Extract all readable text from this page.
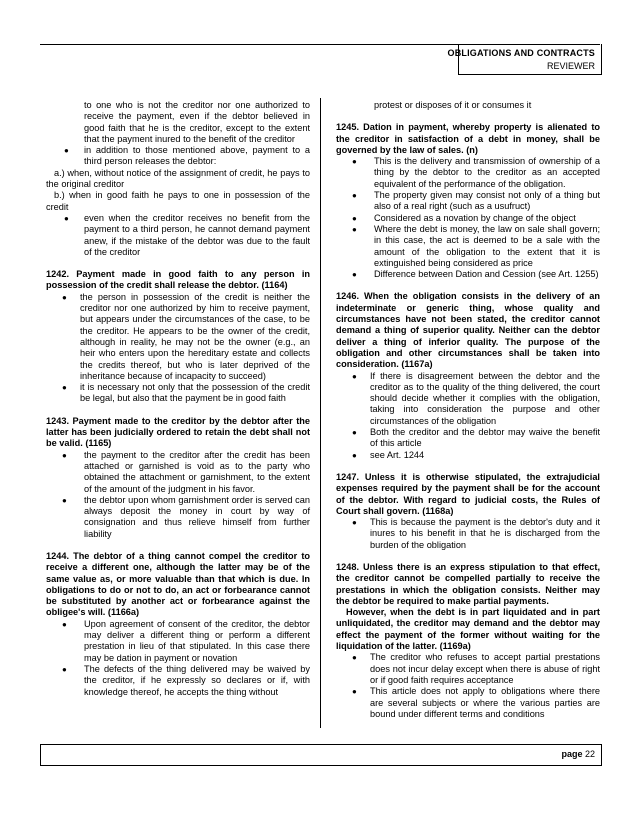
OBLIGATIONS AND CONTRACTS
REVIEWER
to one who is not the creditor nor one authorized to receive the payment, even if the debtor believed in good faith that he is the creditor, except to the extent that the payment inured to the benefit of the creditor
● in addition to those mentioned above, payment to a third person releases the debtor:

a.) when, without notice of the assignment of credit, he pays to the original creditor

b.) when in good faith he pays to one in possession of the credit

● even when the creditor receives no benefit from the payment to a third person, he cannot demand payment anew, if the mistake of the debtor was due to the fault of the creditor

1242. Payment made in good faith to any person in possession of the credit shall release the debtor. (1164)

● the person in possession of the credit is neither the creditor nor one authorized by him to receive payment, but appears under the circumstances of the case, to be the creditor. He appears to be the owner of the credit, although in reality, he may not be the owner (e.g., an heir who enters upon the hereditary estate and collects the credits thereof, but who is later deprived of the inheritance because of incapacity to succeed)
● it is necessary not only that the possession of the credit be legal, but also that the payment be in good faith

1243. Payment made to the creditor by the debtor after the latter has been judicially ordered to retain the debt shall not be valid. (1165)

● the payment to the creditor after the credit has been attached or garnished is void as to the party who obtained the attachment or garnishment, to the extent of the amount of the judgment in his favor.
● the debtor upon whom garnishment order is served can always deposit the money in court by way of consignation and thus relieve himself from further liability

1244. The debtor of a thing cannot compel the creditor to receive a different one, although the latter may be of the same value as, or more valuable than that which is due. In obligations to do or not to do, an act or forbearance cannot be substituted by another act or forbearance against the obligee's will. (1166a)

● Upon agreement of consent of the creditor, the debtor may deliver a different thing or perform a different prestation in lieu of that stipulated. In this case there may be dation in payment or novation
● The defects of the thing delivered may be waived by the creditor, if he expressly so declares or if, with knowledge thereof, he accepts the thing without
protest or disposes of it or consumes it

1245. Dation in payment, whereby property is alienated to the creditor in satisfaction of a debt in money, shall be governed by the law of sales. (n)

● This is the delivery and transmission of ownership of a thing by the debtor to the creditor as an accepted equivalent of the performance of the obligation.
● The property given may consist not only of a thing but also of a real right (such as a usufruct)
● Considered as a novation by change of the object
● Where the debt is money, the law on sale shall govern; in this case, the act is deemed to be a sale with the amount of the obligation to the extent that it is extinguished being considered as price
● Difference between Dation and Cession (see Art. 1255)

1246. When the obligation consists in the delivery of an indeterminate or generic thing, whose quality and circumstances have not been stated, the creditor cannot demand a thing of superior quality. Neither can the debtor deliver a thing of inferior quality. The purpose of the obligation and other circumstances shall be taken into consideration. (1167a)

● If there is disagreement between the debtor and the creditor as to the quality of the thing delivered, the court should decide whether it complies with the obligation, taking into consideration the purpose and other circumstances of the obligation
● Both the creditor and the debtor may waive the benefit of this article
● see Art. 1244

1247. Unless it is otherwise stipulated, the extrajudicial expenses required by the payment shall be for the account of the debtor. With regard to judicial costs, the Rules of Court shall govern. (1168a)

● This is because the payment is the debtor's duty and it inures to his benefit in that he is discharged from the burden of the obligation

1248. Unless there is an express stipulation to that effect, the creditor cannot be compelled partially to receive the prestations in which the obligation consists. Neither may the debtor be required to make partial payments.

However, when the debt is in part liquidated and in part unliquidated, the creditor may demand and the debtor may effect the payment of the former without waiting for the liquidation of the latter. (1169a)

● The creditor who refuses to accept partial prestations does not incur delay except when there is abuse of right or if good faith requires acceptance
● This article does not apply to obligations where there are several subjects or where the various parties are bound under different terms and conditions
page 22
